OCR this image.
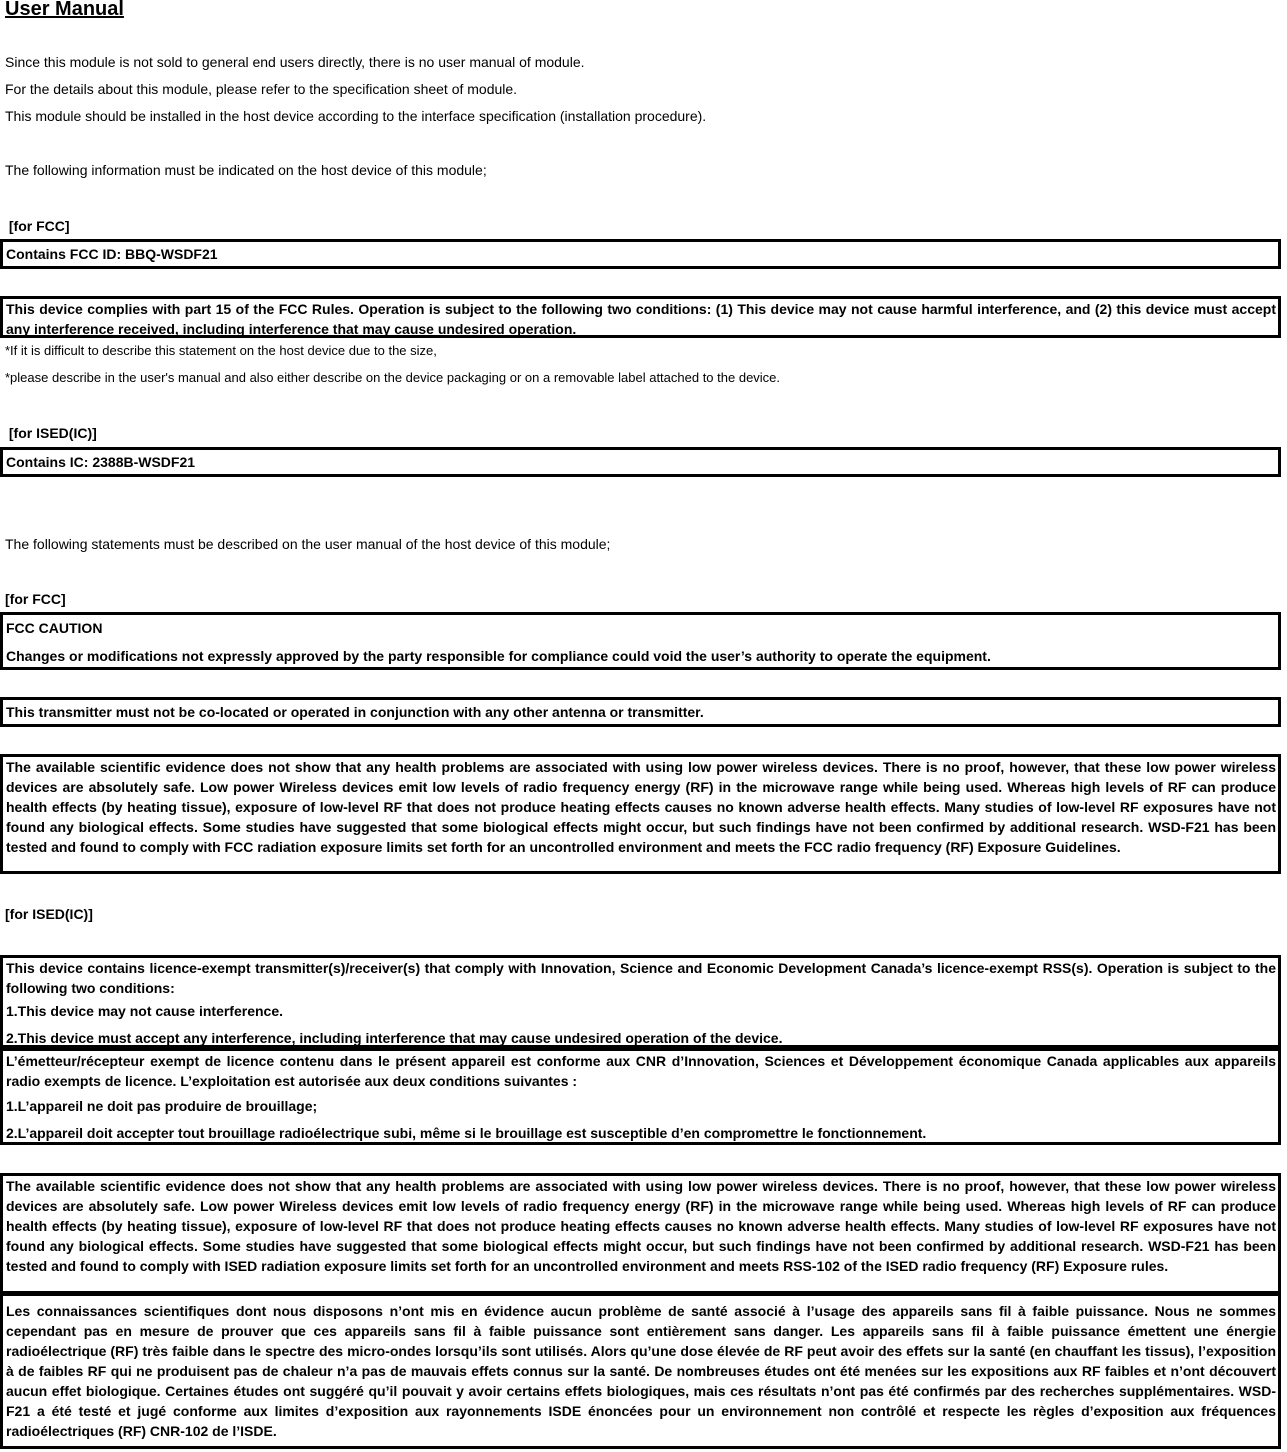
User Manual
Since this module is not sold to general end users directly, there is no user manual of module.
For the details about this module, please refer to the specification sheet of module.
This module should be installed in the host device according to the interface specification (installation procedure).
The following information must be indicated on the host device of this module;
[for FCC]
Contains FCC ID: BBQ-WSDF21
This device complies with part 15 of the FCC Rules. Operation is subject to the following two conditions: (1) This device may not cause harmful interference, and (2) this device must accept any interference received, including interference that may cause undesired operation.
*If it is difficult to describe this statement on the host device due to the size,
*please describe in the user's manual and also either describe on the device packaging or on a removable label attached to the device.
[for ISED(IC)]
Contains IC: 2388B-WSDF21
The following statements must be described on the user manual of the host device of this module;
[for FCC]
FCC CAUTION
Changes or modifications not expressly approved by the party responsible for compliance could void the user’s authority to operate the equipment.
This transmitter must not be co-located or operated in conjunction with any other antenna or transmitter.
The available scientific evidence does not show that any health problems are associated with using low power wireless devices. There is no proof, however, that these low power wireless devices are absolutely safe. Low power Wireless devices emit low levels of radio frequency energy (RF) in the microwave range while being used. Whereas high levels of RF can produce health effects (by heating tissue), exposure of low-level RF that does not produce heating effects causes no known adverse health effects. Many studies of low-level RF exposures have not found any biological effects. Some studies have suggested that some biological effects might occur, but such findings have not been confirmed by additional research. WSD-F21 has been tested and found to comply with FCC radiation exposure limits set forth for an uncontrolled environment and meets the FCC radio frequency (RF) Exposure Guidelines.
[for ISED(IC)]
This device contains licence-exempt transmitter(s)/receiver(s) that comply with Innovation, Science and Economic Development Canada’s licence-exempt RSS(s). Operation is subject to the following two conditions:
1.This device may not cause interference.
2.This device must accept any interference, including interference that may cause undesired operation of the device.
L’émetteur/récepteur exempt de licence contenu dans le présent appareil est conforme aux CNR d’Innovation, Sciences et Développement économique Canada applicables aux appareils radio exempts de licence. L’exploitation est autorisée aux deux conditions suivantes :
1.L’appareil ne doit pas produire de brouillage;
2.L’appareil doit accepter tout brouillage radioélectrique subi, même si le brouillage est susceptible d’en compromettre le fonctionnement.
The available scientific evidence does not show that any health problems are associated with using low power wireless devices. There is no proof, however, that these low power wireless devices are absolutely safe. Low power Wireless devices emit low levels of radio frequency energy (RF) in the microwave range while being used. Whereas high levels of RF can produce health effects (by heating tissue), exposure of low-level RF that does not produce heating effects causes no known adverse health effects. Many studies of low-level RF exposures have not found any biological effects. Some studies have suggested that some biological effects might occur, but such findings have not been confirmed by additional research. WSD-F21 has been tested and found to comply with ISED radiation exposure limits set forth for an uncontrolled environment and meets RSS-102 of the ISED radio frequency (RF) Exposure rules.
Les connaissances scientifiques dont nous disposons n’ont mis en évidence aucun problème de santé associé à l’usage des appareils sans fil à faible puissance. Nous ne sommes cependant pas en mesure de prouver que ces appareils sans fil à faible puissance sont entièrement sans danger. Les appareils sans fil à faible puissance émettent une énergie radioélectrique (RF) très faible dans le spectre des micro-ondes lorsqu’ils sont utilisés. Alors qu’une dose élevée de RF peut avoir des effets sur la santé (en chauffant les tissus), l’exposition à de faibles RF qui ne produisent pas de chaleur n’a pas de mauvais effets connus sur la santé. De nombreuses études ont été menées sur les expositions aux RF faibles et n’ont découvert aucun effet biologique. Certaines études ont suggéré qu’il pouvait y avoir certains effets biologiques, mais ces résultats n’ont pas été confirmés par des recherches supplémentaires. WSD-F21 a été testé et jugé conforme aux limites d’exposition aux rayonnements ISDE énoncées pour un environnement non contrôlé et respecte les règles d’exposition aux fréquences radioélectriques (RF) CNR-102 de l’ISDE.
